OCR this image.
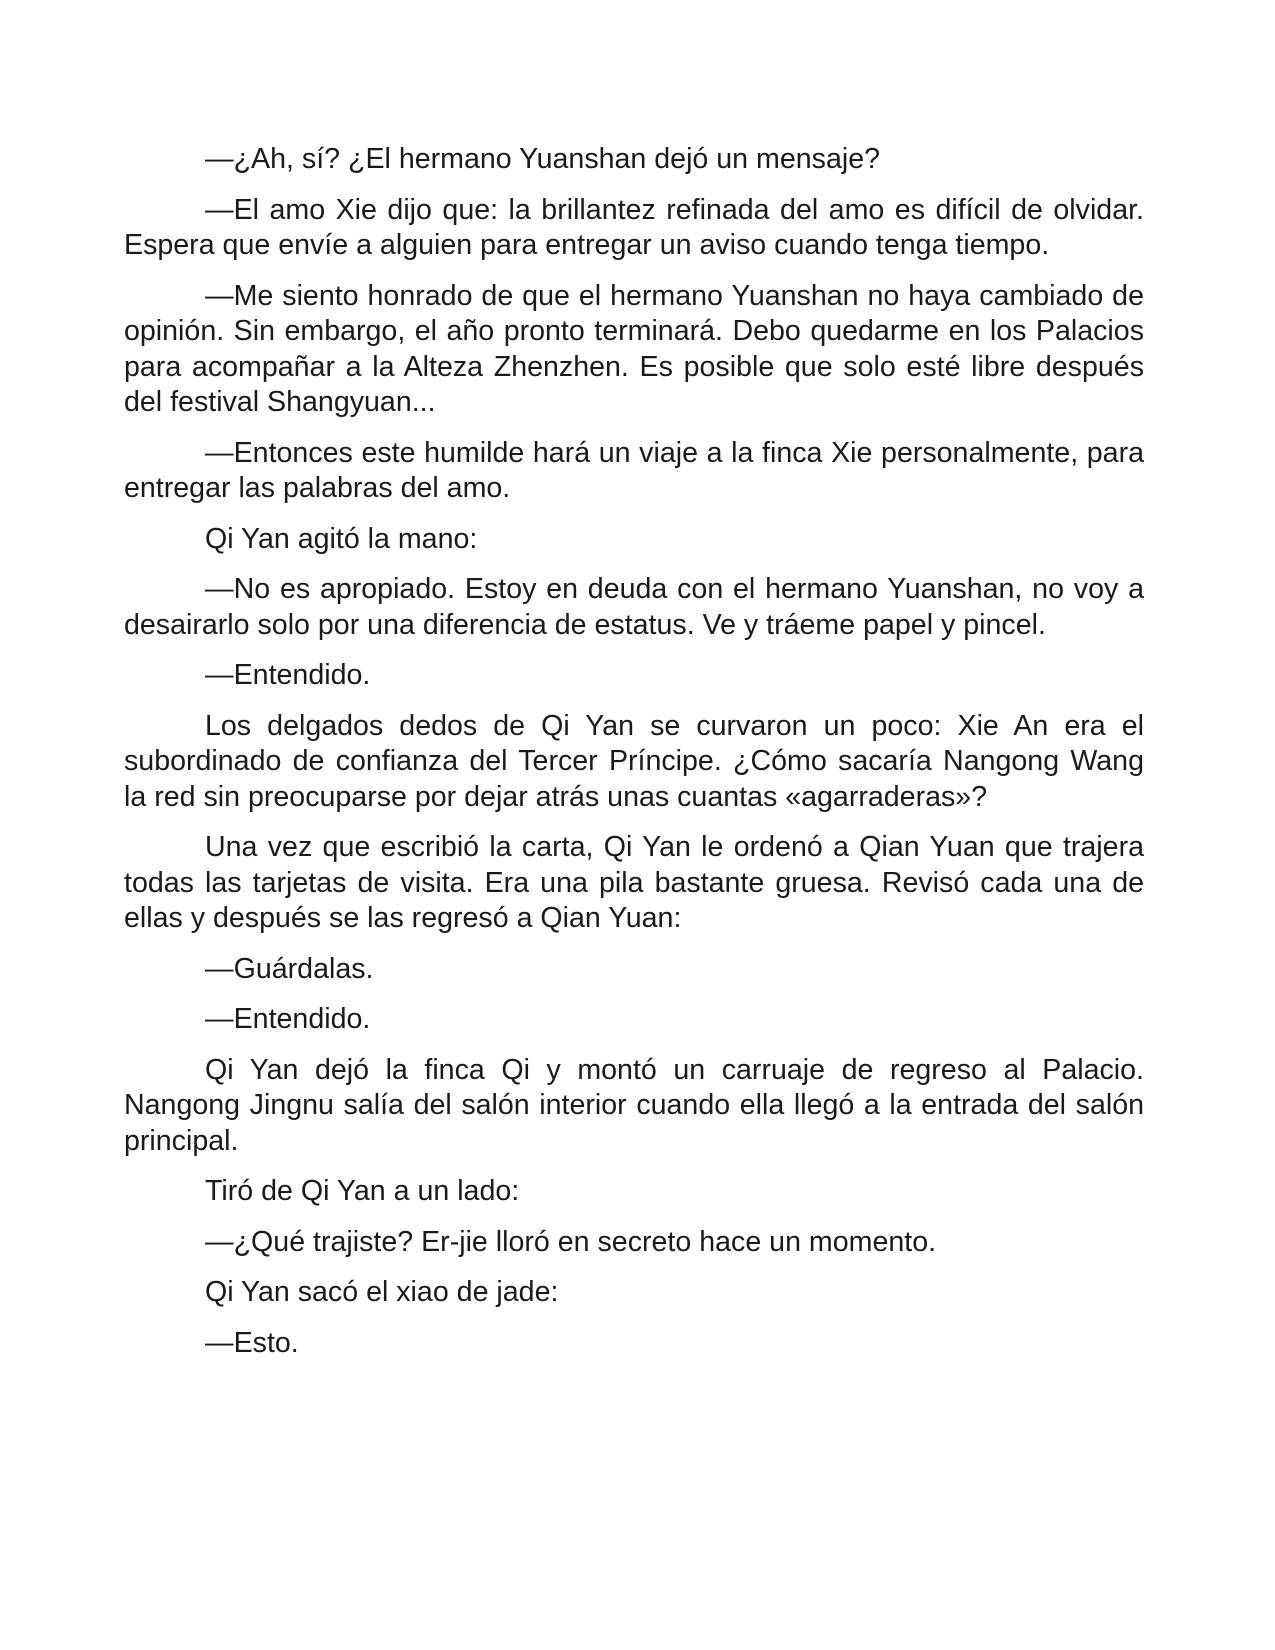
—¿Ah, sí? ¿El hermano Yuanshan dejó un mensaje?

—El amo Xie dijo que: la brillantez refinada del amo es difícil de olvidar. Espera que envíe a alguien para entregar un aviso cuando tenga tiempo.

—Me siento honrado de que el hermano Yuanshan no haya cambiado de opinión. Sin embargo, el año pronto terminará. Debo quedarme en los Palacios para acompañar a la Alteza Zhenzhen. Es posible que solo esté libre después del festival Shangyuan...

—Entonces este humilde hará un viaje a la finca Xie personalmente, para entregar las palabras del amo.

Qi Yan agitó la mano:

—No es apropiado. Estoy en deuda con el hermano Yuanshan, no voy a desairarlo solo por una diferencia de estatus. Ve y tráeme papel y pincel.

—Entendido.

Los delgados dedos de Qi Yan se curvaron un poco: Xie An era el subordinado de confianza del Tercer Príncipe. ¿Cómo sacaría Nangong Wang la red sin preocuparse por dejar atrás unas cuantas «agarraderas»?

Una vez que escribió la carta, Qi Yan le ordenó a Qian Yuan que trajera todas las tarjetas de visita. Era una pila bastante gruesa. Revisó cada una de ellas y después se las regresó a Qian Yuan:

—Guárdalas.

—Entendido.

Qi Yan dejó la finca Qi y montó un carruaje de regreso al Palacio. Nangong Jingnu salía del salón interior cuando ella llegó a la entrada del salón principal.

Tiró de Qi Yan a un lado:

—¿Qué trajiste? Er-jie lloró en secreto hace un momento.

Qi Yan sacó el xiao de jade:

—Esto.
